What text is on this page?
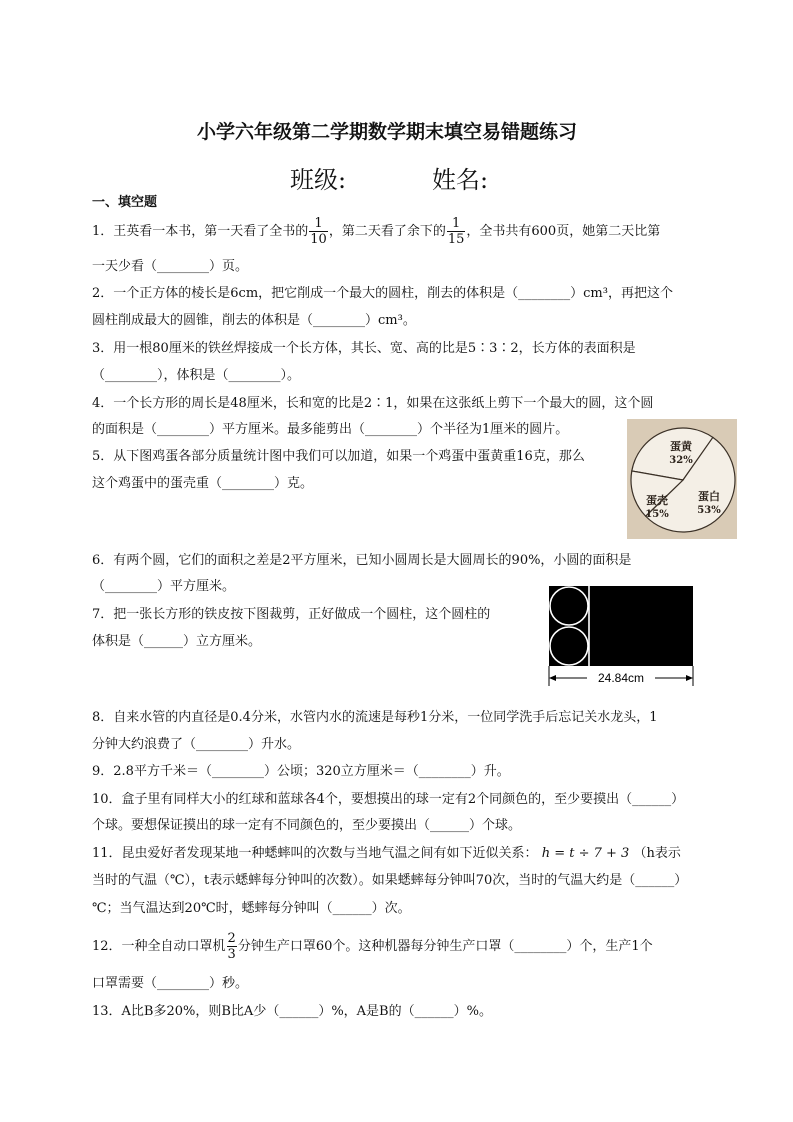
小学六年级第二学期数学期末填空易错题练习
班级:	姓名:
一、填空题
1．王英看一本书，第一天看了全书的 $\frac{1}{10}$ ，第二天看了余下的 $\frac{1}{15}$ ，全书共有600页，她第二天比第
一天少看（________）页。
2．一个正方体的棱长是6cm，把它削成一个最大的圆柱，削去的体积是（________）cm³，再把这个
圆柱削成最大的圆锥，削去的体积是（________）cm³。
3．用一根80厘米的铁丝焊接成一个长方体，其长、宽、高的比是5∶3∶2，长方体的表面积是
（________），体积是（________）。
4．一个长方形的周长是48厘米，长和宽的比是2∶1，如果在这张纸上剪下一个最大的圆，这个圆
的面积是（________）平方厘米。最多能剪出（________）个半径为1厘米的圆片。
5．从下图鸡蛋各部分质量统计图中我们可以加道，如果一个鸡蛋中蛋黄重16克，那么
这个鸡蛋中的蛋壳重（________）克。
蛋黄
32%
蛋白
53%
蛋壳
15%
6．有两个圆，它们的面积之差是2平方厘米，已知小圆周长是大圆周长的90%，小圆的面积是
（________）平方厘米。
7．把一张长方形的铁皮按下图裁剪，正好做成一个圆柱，这个圆柱的
体积是（______）立方厘米。
24.84cm
8．自来水管的内直径是0.4分米，水管内水的流速是每秒1分米，一位同学洗手后忘记关水龙头，1
分钟大约浪费了（________）升水。
9．2.8平方千米＝（________）公顷；320立方厘米＝（________）升。
10．盒子里有同样大小的红球和蓝球各4个，要想摸出的球一定有2个同颜色的，至少要摸出（______）
个球。要想保证摸出的球一定有不同颜色的，至少要摸出（______）个球。
11．昆虫爱好者发现某地一种蟋蟀叫的次数与当地气温之间有如下近似关系： h = t ÷ 7 + 3 （h表示
当时的气温（℃），t表示蟋蟀每分钟叫的次数）。如果蟋蟀每分钟叫70次，当时的气温大约是（______）
℃；当气温达到20℃时，蟋蟀每分钟叫（______）次。
12．一种全自动口罩机 $\frac{2}{3}$ 分钟生产口罩60个。这种机器每分钟生产口罩（________）个，生产1个
口罩需要（________）秒。
13．A比B多20%，则B比A少（______）%，A是B的（______）%。
